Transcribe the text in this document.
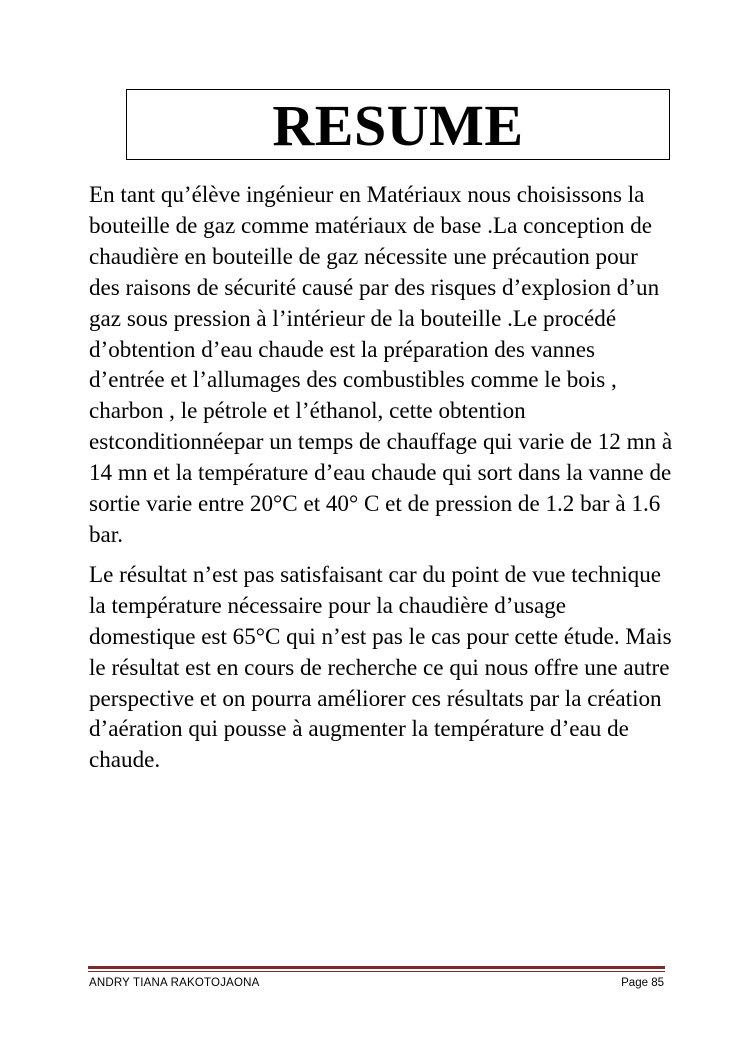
RESUME

En tant qu’élève ingénieur en Matériaux nous choisissons la bouteille de gaz comme matériaux de base .La conception de chaudière en bouteille de gaz nécessite une précaution pour des raisons de sécurité causé par des risques d’explosion d’un gaz sous pression à l’intérieur de la bouteille .Le procédé d’obtention d’eau chaude est la préparation des vannes d’entrée et l’allumages des combustibles comme le bois , charbon , le pétrole et l’éthanol, cette obtention estconditionnéepar un temps de chauffage qui varie de 12 mn à 14 mn et la température d’eau chaude qui sort dans la vanne de sortie varie entre 20°C et 40° C et de pression de 1.2 bar à 1.6 bar.

Le résultat n’est pas satisfaisant car du point de vue technique la température nécessaire pour la chaudière d’usage domestique est 65°C qui n’est pas le cas pour cette étude. Mais le résultat est en cours de recherche ce qui nous offre une autre perspective et on pourra améliorer ces résultats par la création d’aération qui pousse à augmenter la température d’eau de chaude.

ANDRY TIANA RAKOTOJAONA	Page 85
